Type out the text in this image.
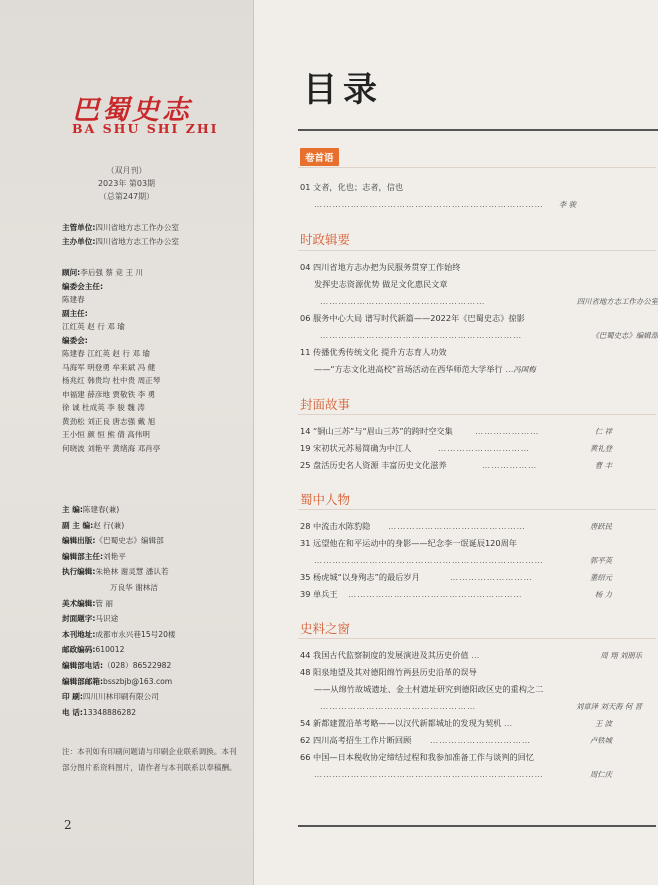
巴蜀史志
BA SHU SHI ZHI
（双月刊）
2023年 第03期
（总第247期）
主管单位:四川省地方志工作办公室
主办单位:四川省地方志工作办公室
顾问:李后强 蔡 竞 王 川
编委会主任:
陈建春
副主任:
江红英 赵 行 邓 瑜
编委会:
陈建春 江红英 赵 行 邓 瑜
马海军 明登勇 牟来斌 冯 健
杨兆红 韩贵均 杜中贵 周正琴
申福建 薛彦地 贾敬铁 李 勇
徐 诚 杜成英 李 骏 魏 涛
黄劲松 刘正良 唐志强 戴 旭
王小恒 颜 恒 熊 倩 高伟明
何晓波 刘艳平 黄绪海 邓肖亭
主 编:陈建春(兼)
副 主 编:赵 行(兼)
编辑出版:《巴蜀史志》编辑部
编辑部主任:刘艳平
执行编辑:朱艳林 谢灵慧 潘认若
万良华 谢林洁
美术编辑:管 丽
封面题字:马识途
本刊地址:成都市永兴巷15号20楼
邮政编码:610012
编辑部电话:（028）86522982
编辑部邮箱:bsszbjb@163.com
印 刷:四川川林印刷有限公司
电 话:13348886282
注：本刊如有印刷问题请与印刷企业联系调换。本刊部分图片系资料图片，请作者与本刊联系以奉稿酬。
2
目录
卷首语
01 文者，化也；志者，信也
………………………………………………………………… 李 骏
时政辑要
04 四川省地方志办把为民服务贯穿工作始终
发挥史志资源优势 做足文化惠民文章
………………………………………………	四川省地方志工作办公室
06 服务中心大局 谱写时代新篇——2022年《巴蜀史志》掠影
…………………………………………………………	《巴蜀史志》编辑部
11 传播优秀传统文化 提升方志育人功效
——“方志文化进高校”首场活动在西华师范大学举行 …冯国梅
封面故事
14 “铜山三苏”与“眉山三苏”的跨时空交集	…………………	仁 祥
19 宋初状元苏易简确为中江人	…………………………	黄礼登
25 盘活历史名人资源 丰富历史文化滋养	………………	曹 丰
蜀中人物
28 中流击水陈豹隐 ………………………………………	唐跃民
31 远望他在和平运动中的身影——纪念李一氓诞辰120周年
…………………………………………………………………	郭平英
35 杨虎城“以身殉志”的最后岁月	………………………	董绍元
39 单兵王 …………………………………………………	杨 力
史料之窗
44 我国古代监察制度的发展演进及其历史价值 …	周 翔 刘朋乐
48 阳泉地望及其对德阳绵竹两县历史沿革的误导
——从绵竹故城遗址、金土村遗址研究到德阳政区史的重构之二
……………………………………………	刘章泽 刘天海 何 晋
54 新都建置沿革考略——以汉代新都城址的发现为契机 …	王 波
62 四川高考招生工作片断回顾 ……………………………	卢铁城
66 中国—日本税收协定缔结过程和我参加准备工作与谈判的回忆
…………………………………………………………………	周仁庆
